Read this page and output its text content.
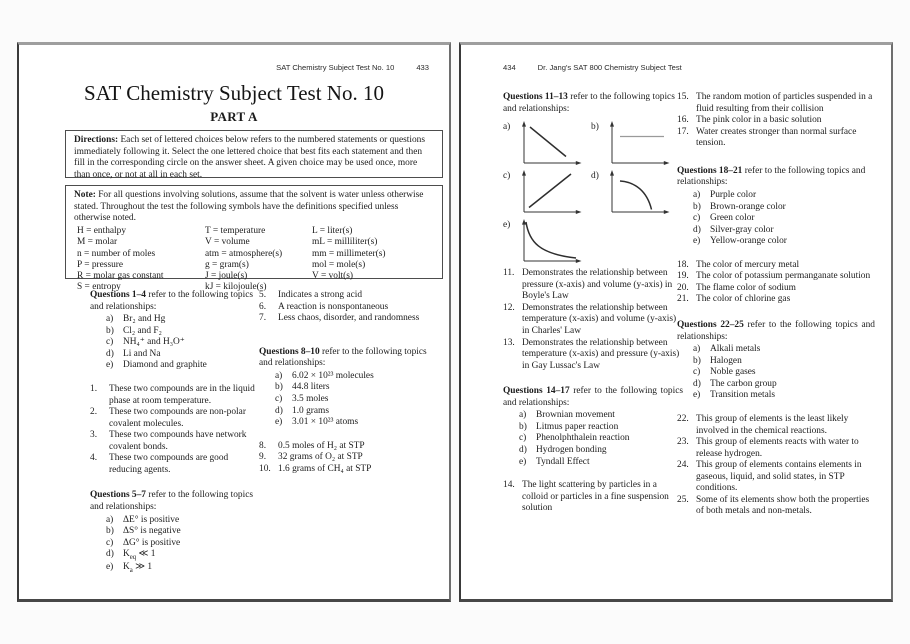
SAT Chemistry Subject Test No. 10	433
SAT Chemistry Subject Test No. 10
PART A
Directions: Each set of lettered choices below refers to the numbered statements or questions immediately following it. Select the one lettered choice that best fits each statement and then fill in the corresponding circle on the answer sheet. A given choice may be used once, more than once, or not at all in each set.
Note: For all questions involving solutions, assume that the solvent is water unless otherwise stated. Throughout the test the following symbols have the definitions specified unless otherwise noted.
H = enthalpy	T = temperature	L = liter(s)
M = molar	V = volume	mL = milliliter(s)
n = number of moles	atm = atmosphere(s)	mm = millimeter(s)
P = pressure	g = gram(s)	mol = mole(s)
R = molar gas constant	J = joule(s)	V = volt(s)
S = entropy	kJ = kilojoule(s)
Questions 1–4 refer to the following topics and relationships:
a)	Br₂ and Hg
b) Cl₂ and F₂
c)	NH₄⁺ and H₃O⁺
d) Li and Na
e)	Diamond and graphite
1.	These two compounds are in the liquid phase at room temperature.
2.	These two compounds are non-polar covalent molecules.
3.	These two compounds have network covalent bonds.
4.	These two compounds are good reducing agents.
Questions 5–7 refer to the following topics and relationships:
a)	ΔE° is positive
b) ΔS° is negative
c)	ΔG° is positive
d) $K_{eq}$ ≪ 1
e)	$K_a$ ≫ 1
5.	Indicates a strong acid
6.	A reaction is nonspontaneous
7.	Less chaos, disorder, and randomness
Questions 8–10 refer to the following topics and relationships:
a)	6.02 × 10²³ molecules
b) 44.8 liters
c)	3.5 moles
d) 1.0 grams
e)	3.01 × 10²³ atoms
8.	0.5 moles of H₂ at STP
9.	32 grams of O₂ at STP
10. 1.6 grams of CH₄ at STP
434	Dr. Jang's SAT 800 Chemistry Subject Test
Questions 11–13 refer to the following topics and relationships:
a)	b)
c)	d)
e)
11. Demonstrates the relationship between pressure (x-axis) and volume (y-axis) in Boyle's Law
12. Demonstrates the relationship between temperature (x-axis) and volume (y-axis) in Charles' Law
13. Demonstrates the relationship between temperature (x-axis) and pressure (y-axis) in Gay Lussac's Law
Questions 14–17 refer to the following topics and relationships:
a)	Brownian movement
b) Litmus paper reaction
c)	Phenolphthalein reaction
d) Hydrogen bonding
e)	Tyndall Effect
14. The light scattering by particles in a colloid or particles in a fine suspension solution
15. The random motion of particles suspended in a fluid resulting from their collision
16. The pink color in a basic solution
17. Water creates stronger than normal surface tension.
Questions 18–21 refer to the following topics and relationships:
a)	Purple color
b) Brown-orange color
c)	Green color
d) Silver-gray color
e)	Yellow-orange color
18. The color of mercury metal
19. The color of potassium permanganate solution
20. The flame color of sodium
21. The color of chlorine gas
Questions 22–25 refer to the following topics and relationships:
a)	Alkali metals
b) Halogen
c)	Noble gases
d) The carbon group
e)	Transition metals
22. This group of elements is the least likely involved in the chemical reactions.
23. This group of elements reacts with water to release hydrogen.
24. This group of elements contains elements in gaseous, liquid, and solid states, in STP conditions.
25. Some of its elements show both the properties of both metals and non-metals.
